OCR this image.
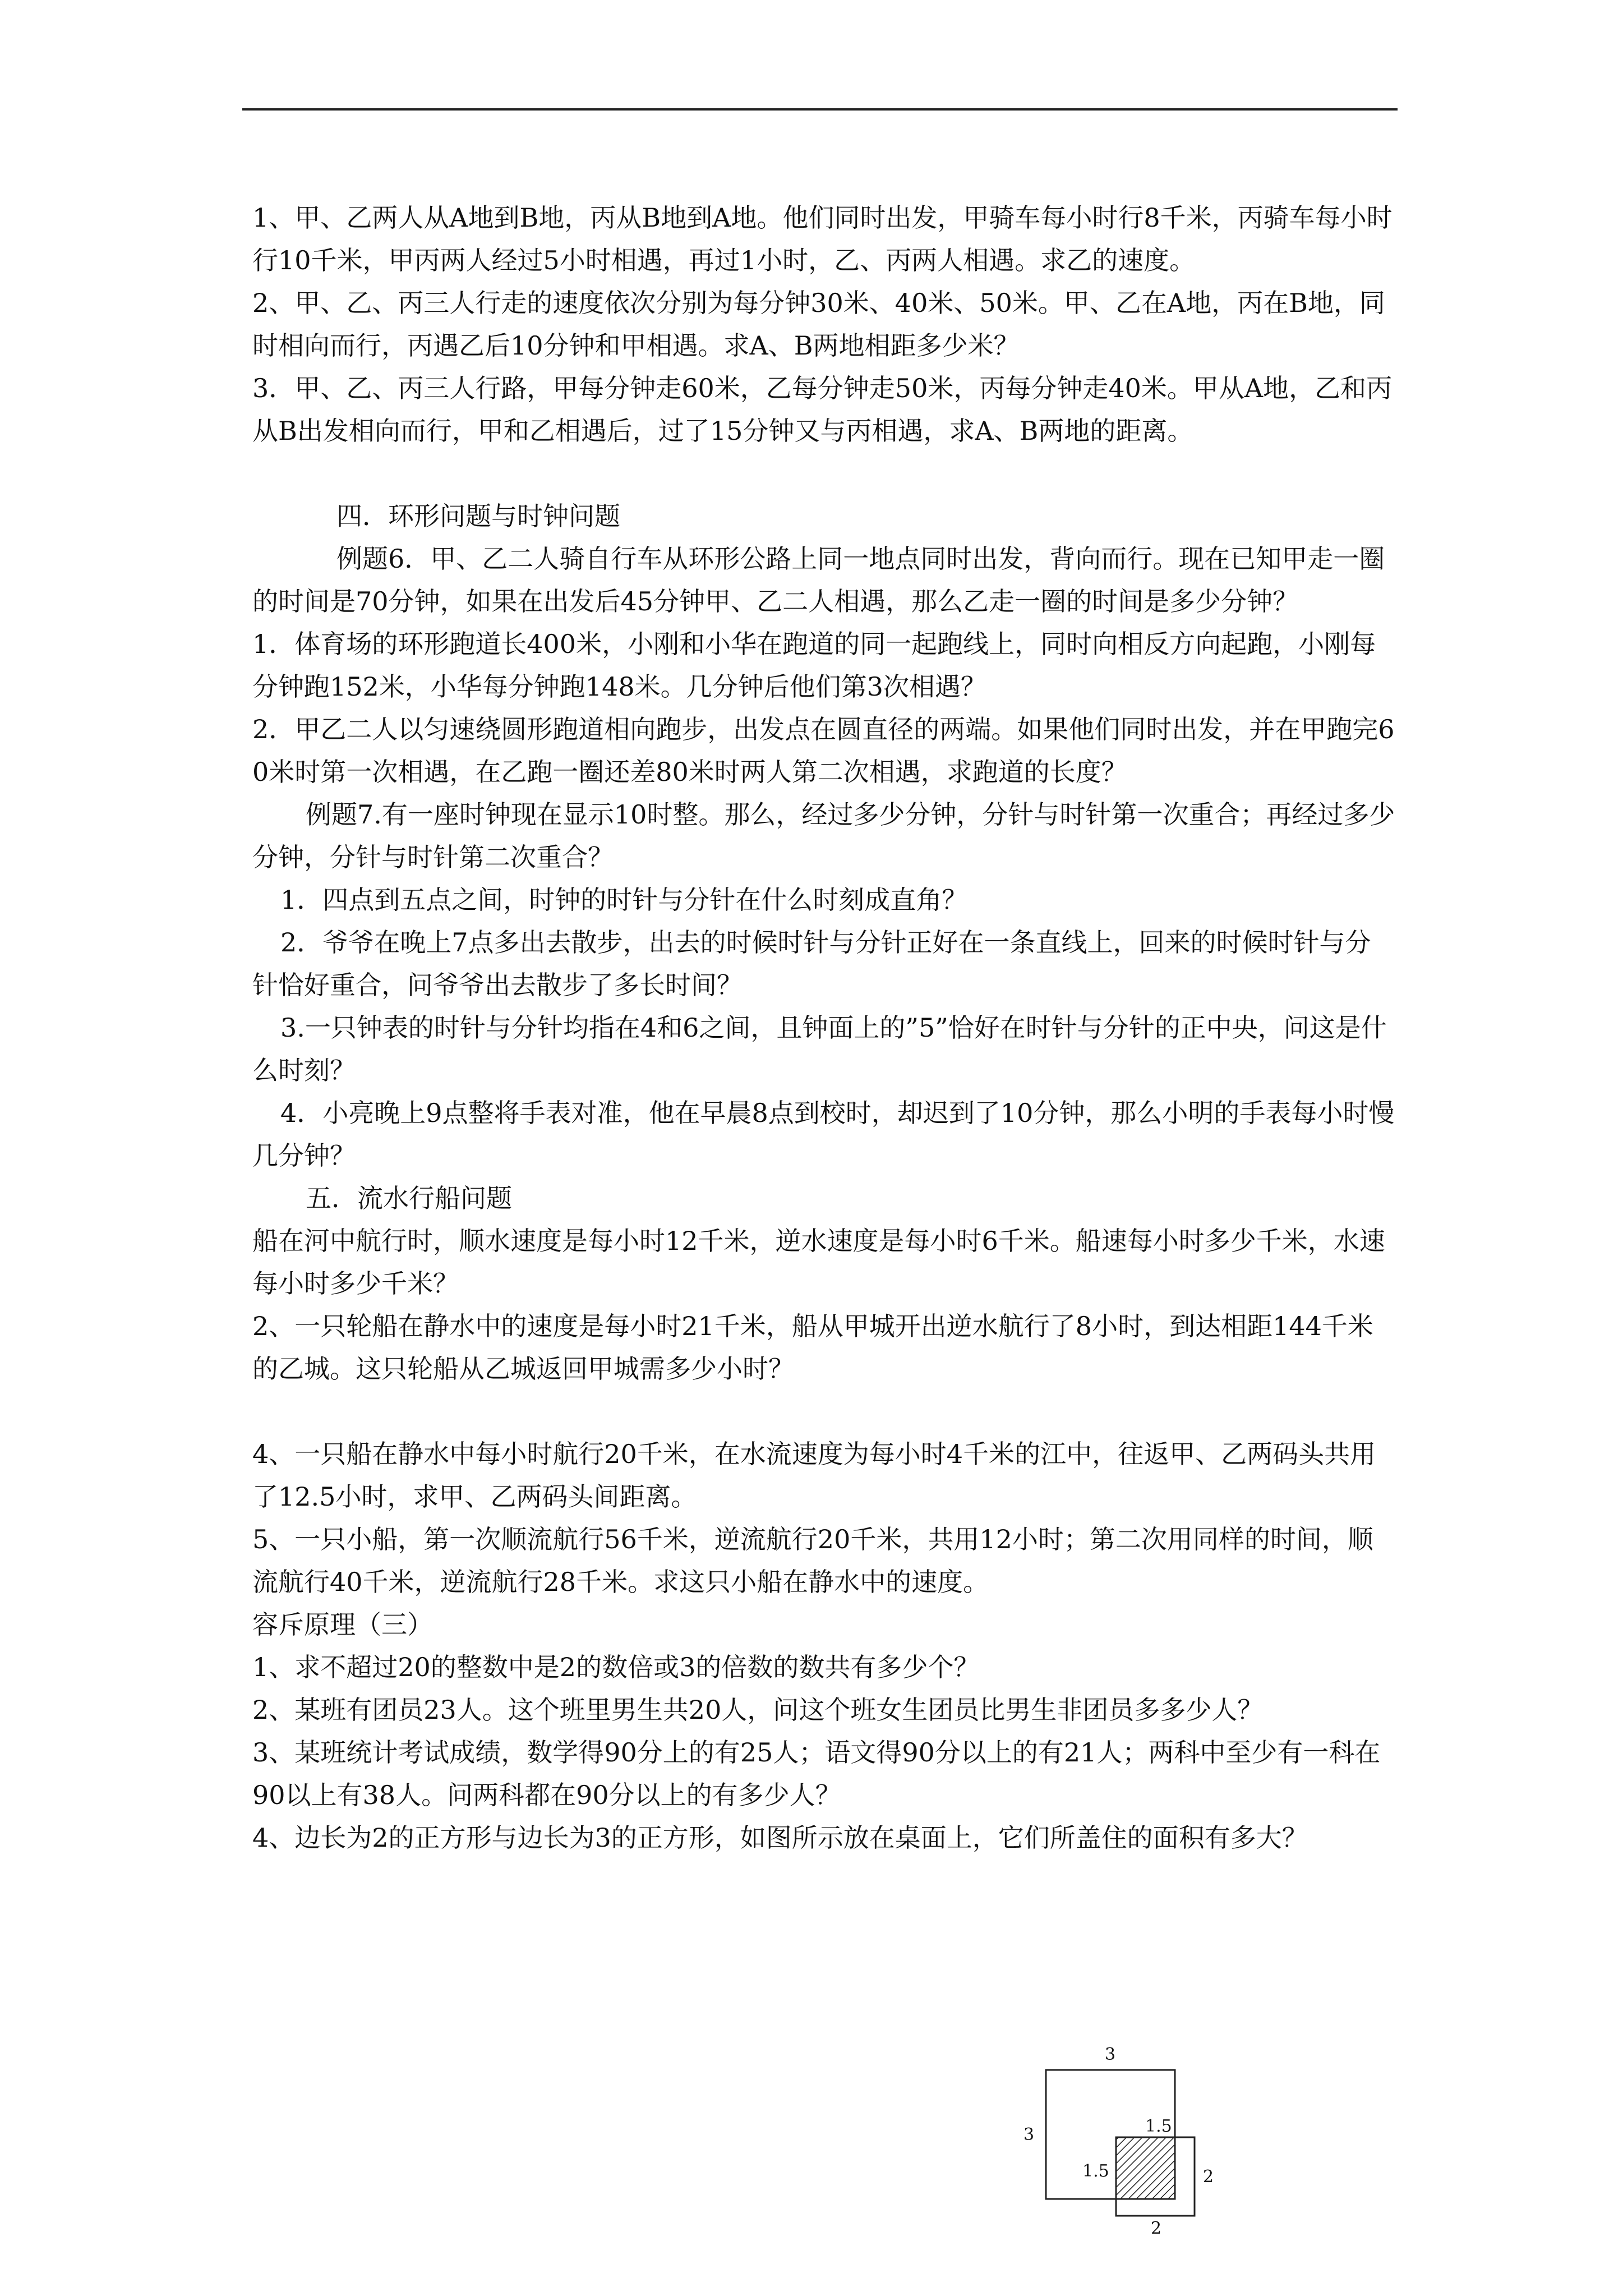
1、甲、乙两人从A地到B地，丙从B地到A地。他们同时出发，甲骑车每小时行8千米，丙骑车每小时行10千米，甲丙两人经过5小时相遇，再过1小时，乙、丙两人相遇。求乙的速度。

2、甲、乙、丙三人行走的速度依次分别为每分钟30米、40米、50米。甲、乙在A地，丙在B地，同时相向而行，丙遇乙后10分钟和甲相遇。求A、B两地相距多少米？

3．甲、乙、丙三人行路，甲每分钟走60米，乙每分钟走50米，丙每分钟走40米。甲从A地，乙和丙从B出发相向而行，甲和乙相遇后，过了15分钟又与丙相遇，求A、B两地的距离。

四．环形问题与时钟问题

例题6．甲、乙二人骑自行车从环形公路上同一地点同时出发，背向而行。现在已知甲走一圈的时间是70分钟，如果在出发后45分钟甲、乙二人相遇，那么乙走一圈的时间是多少分钟？

1．体育场的环形跑道长400米，小刚和小华在跑道的同一起跑线上，同时向相反方向起跑，小刚每分钟跑152米，小华每分钟跑148米。几分钟后他们第3次相遇？

2．甲乙二人以匀速绕圆形跑道相向跑步，出发点在圆直径的两端。如果他们同时出发，并在甲跑完60米时第一次相遇，在乙跑一圈还差80米时两人第二次相遇，求跑道的长度？

例题7.有一座时钟现在显示10时整。那么，经过多少分钟，分针与时针第一次重合；再经过多少分钟，分针与时针第二次重合？

1．四点到五点之间，时钟的时针与分针在什么时刻成直角？

2．爷爷在晚上7点多出去散步，出去的时候时针与分针正好在一条直线上，回来的时候时针与分针恰好重合，问爷爷出去散步了多长时间？

3.一只钟表的时针与分针均指在4和6之间，且钟面上的”5”恰好在时针与分针的正中央，问这是什么时刻？

4．小亮晚上9点整将手表对准，他在早晨8点到校时，却迟到了10分钟，那么小明的手表每小时慢几分钟？

五．流水行船问题

船在河中航行时，顺水速度是每小时12千米，逆水速度是每小时6千米。船速每小时多少千米，水速每小时多少千米？

2、一只轮船在静水中的速度是每小时21千米，船从甲城开出逆水航行了8小时，到达相距144千米的乙城。这只轮船从乙城返回甲城需多少小时？

4、一只船在静水中每小时航行20千米，在水流速度为每小时4千米的江中，往返甲、乙两码头共用了12.5小时，求甲、乙两码头间距离。

5、一只小船，第一次顺流航行56千米，逆流航行20千米，共用12小时；第二次用同样的时间，顺流航行40千米，逆流航行28千米。求这只小船在静水中的速度。

容斥原理（三）

1、求不超过20的整数中是2的数倍或3的倍数的数共有多少个？

2、某班有团员23人。这个班里男生共20人，问这个班女生团员比男生非团员多多少人？

3、某班统计考试成绩，数学得90分上的有25人；语文得90分以上的有21人；两科中至少有一科在90以上有38人。问两科都在90分以上的有多少人？

4、边长为2的正方形与边长为3的正方形，如图所示放在桌面上，它们所盖住的面积有多大？

3
3	1.5
1.5	2
2
